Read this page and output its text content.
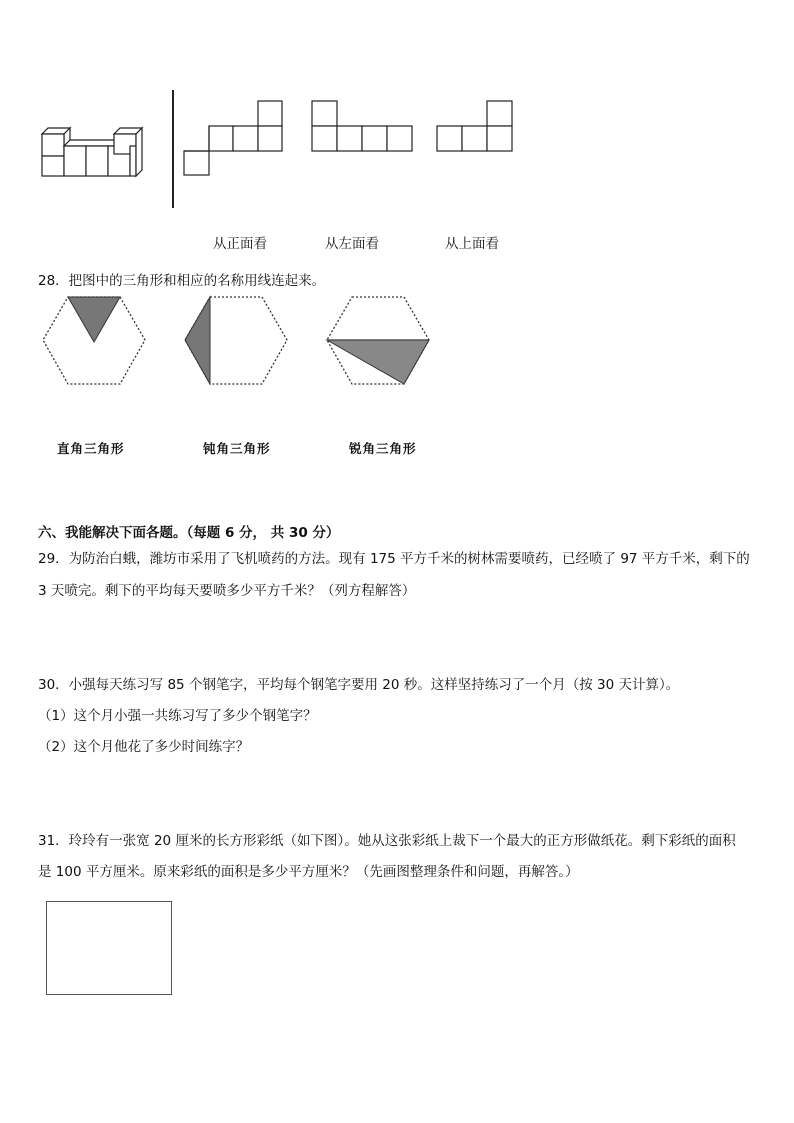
从正面看	从左面看	从上面看
28．把图中的三角形和相应的名称用线连起来。
直角三角形	钝角三角形	锐角三角形
六、我能解决下面各题。（每题 6 分， 共 30 分）
29．为防治白蛾，潍坊市采用了飞机喷药的方法。现有 175 平方千米的树林需要喷药，已经喷了 97 平方千米，剩下的
3 天喷完。剩下的平均每天要喷多少平方千米？（列方程解答）
30．小强每天练习写 85 个钢笔字，平均每个钢笔字要用 20 秒。这样坚持练习了一个月（按 30 天计算）。
（1）这个月小强一共练习写了多少个钢笔字？
（2）这个月他花了多少时间练字？
31．玲玲有一张宽 20 厘米的长方形彩纸（如下图）。她从这张彩纸上裁下一个最大的正方形做纸花。剩下彩纸的面积
是 100 平方厘米。原来彩纸的面积是多少平方厘米？（先画图整理条件和问题，再解答。）
